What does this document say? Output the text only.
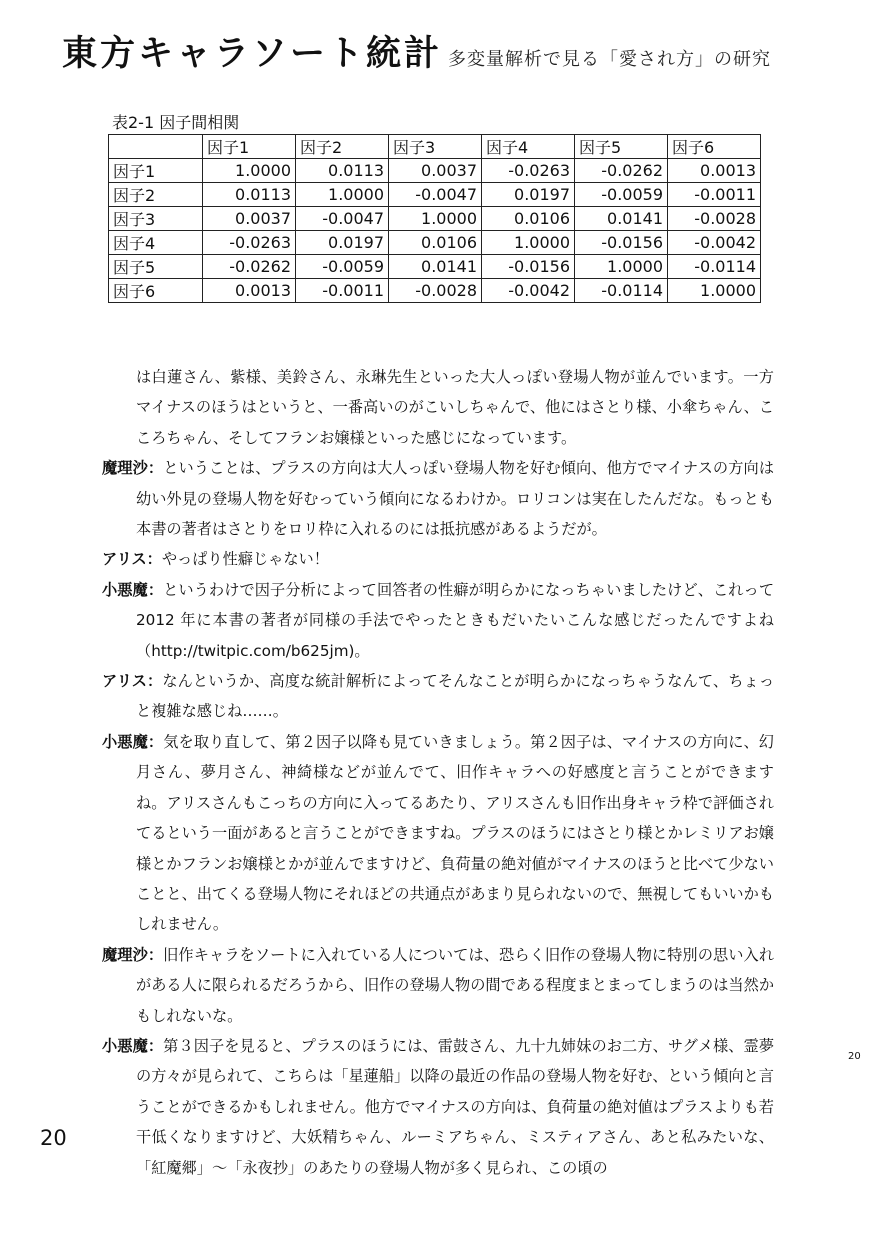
東方キャラソート統計 多変量解析で見る「愛され方」の研究
表2-1 因子間相関
	因子1	因子2	因子3	因子4	因子5	因子6
因子1	1.0000	0.0113	0.0037	-0.0263	-0.0262	0.0013
因子2	0.0113	1.0000	-0.0047	0.0197	-0.0059	-0.0011
因子3	0.0037	-0.0047	1.0000	0.0106	0.0141	-0.0028
因子4	-0.0263	0.0197	0.0106	1.0000	-0.0156	-0.0042
因子5	-0.0262	-0.0059	0.0141	-0.0156	1.0000	-0.0114
因子6	0.0013	-0.0011	-0.0028	-0.0042	-0.0114	1.0000
は白蓮さん、紫様、美鈴さん、永琳先生といった大人っぽい登場人物が並んでいます。一方マイナスのほうはというと、一番高いのがこいしちゃんで、他にはさとり様、小傘ちゃん、こころちゃん、そしてフランお嬢様といった感じになっています。
魔理沙：ということは、プラスの方向は大人っぽい登場人物を好む傾向、他方でマイナスの方向は幼い外見の登場人物を好むっていう傾向になるわけか。ロリコンは実在したんだな。もっとも本書の著者はさとりをロリ枠に入れるのには抵抗感があるようだが。
アリス：やっぱり性癖じゃない！
小悪魔：というわけで因子分析によって回答者の性癖が明らかになっちゃいましたけど、これって 2012 年に本書の著者が同様の手法でやったときもだいたいこんな感じだったんですよね（http://twitpic.com/b625jm)。
アリス：なんというか、高度な統計解析によってそんなことが明らかになっちゃうなんて、ちょっと複雑な感じね……。
小悪魔：気を取り直して、第２因子以降も見ていきましょう。第２因子は、マイナスの方向に、幻月さん、夢月さん、神綺様などが並んでて、旧作キャラへの好感度と言うことができますね。アリスさんもこっちの方向に入ってるあたり、アリスさんも旧作出身キャラ枠で評価されてるという一面があると言うことができますね。プラスのほうにはさとり様とかレミリアお嬢様とかフランお嬢様とかが並んでますけど、負荷量の絶対値がマイナスのほうと比べて少ないことと、出てくる登場人物にそれほどの共通点があまり見られないので、無視してもいいかもしれません。
魔理沙：旧作キャラをソートに入れている人については、恐らく旧作の登場人物に特別の思い入れがある人に限られるだろうから、旧作の登場人物の間である程度まとまってしまうのは当然かもしれないな。
小悪魔：第３因子を見ると、プラスのほうには、雷鼓さん、九十九姉妹のお二方、サグメ様、霊夢の方々が見られて、こちらは「星蓮船」以降の最近の作品の登場人物を好む、という傾向と言うことができるかもしれません。他方でマイナスの方向は、負荷量の絶対値はプラスよりも若干低くなりますけど、大妖精ちゃん、ルーミアちゃん、ミスティアさん、あと私みたいな、「紅魔郷」～「永夜抄」のあたりの登場人物が多く見られ、この頃の
20
20
